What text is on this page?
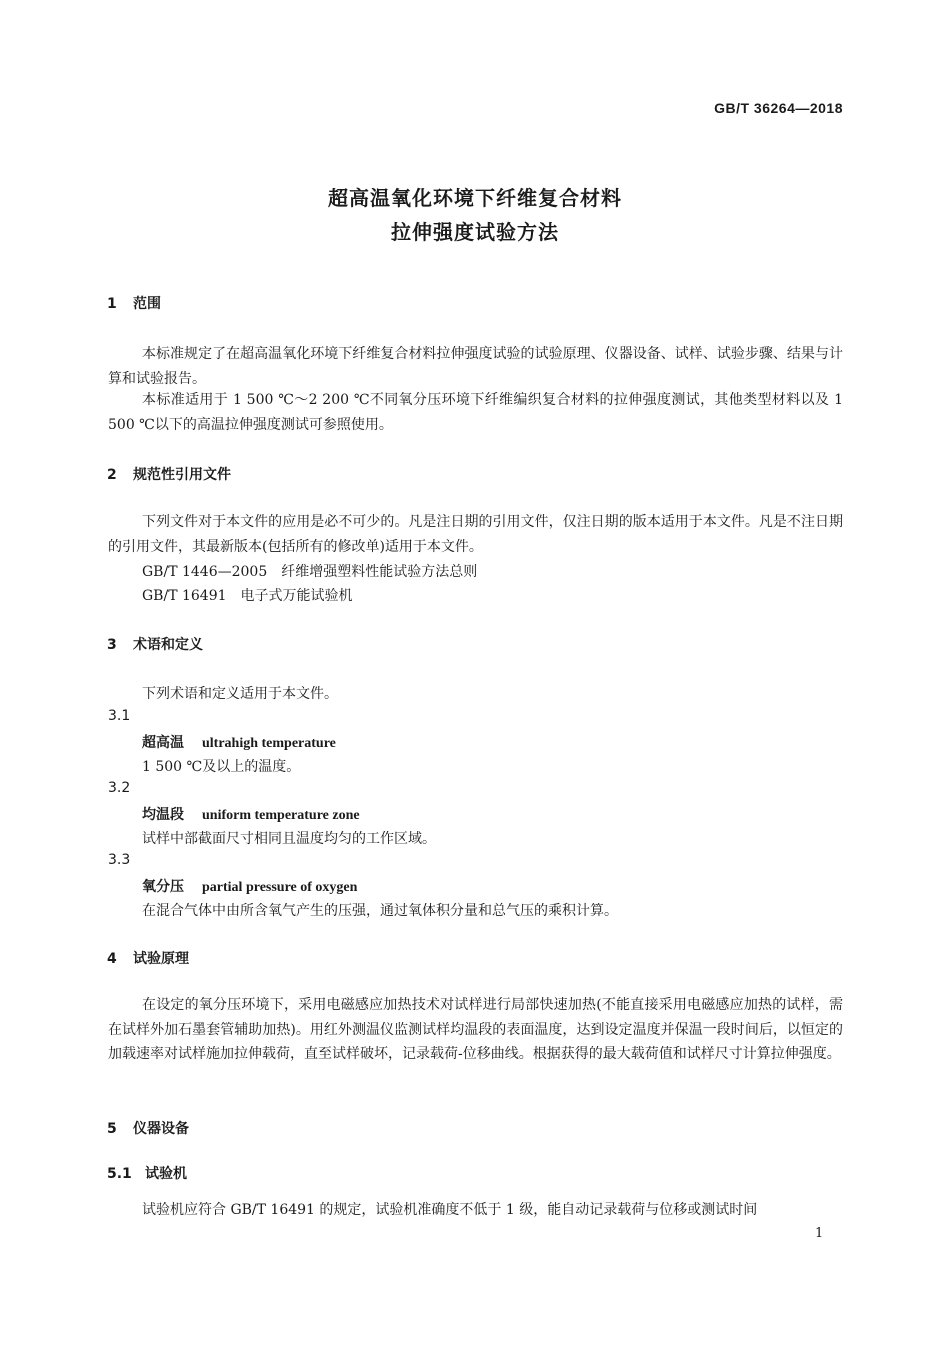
GB/T 36264—2018
超高温氧化环境下纤维复合材料
拉伸强度试验方法
1 范围
本标准规定了在超高温氧化环境下纤维复合材料拉伸强度试验的试验原理、仪器设备、试样、试验步骤、结果与计算和试验报告。
本标准适用于 1 500 ℃～2 200 ℃不同氧分压环境下纤维编织复合材料的拉伸强度测试，其他类型材料以及 1 500 ℃以下的高温拉伸强度测试可参照使用。
2 规范性引用文件
下列文件对于本文件的应用是必不可少的。凡是注日期的引用文件，仅注日期的版本适用于本文件。凡是不注日期的引用文件，其最新版本(包括所有的修改单)适用于本文件。
GB/T 1446—2005　纤维增强塑料性能试验方法总则
GB/T 16491　电子式万能试验机
3 术语和定义
下列术语和定义适用于本文件。
3.1
超高温 ultrahigh temperature
1 500 ℃及以上的温度。
3.2
均温段 uniform temperature zone
试样中部截面尺寸相同且温度均匀的工作区域。
3.3
氧分压 partial pressure of oxygen
在混合气体中由所含氧气产生的压强，通过氧体积分量和总气压的乘积计算。
4 试验原理
在设定的氧分压环境下，采用电磁感应加热技术对试样进行局部快速加热(不能直接采用电磁感应加热的试样，需在试样外加石墨套管辅助加热)。用红外测温仪监测试样均温段的表面温度，达到设定温度并保温一段时间后，以恒定的加载速率对试样施加拉伸载荷，直至试样破坏，记录载荷-位移曲线。根据获得的最大载荷值和试样尺寸计算拉伸强度。
5 仪器设备
5.1 试验机
试验机应符合 GB/T 16491 的规定，试验机准确度不低于 1 级，能自动记录载荷与位移或测试时间
1
